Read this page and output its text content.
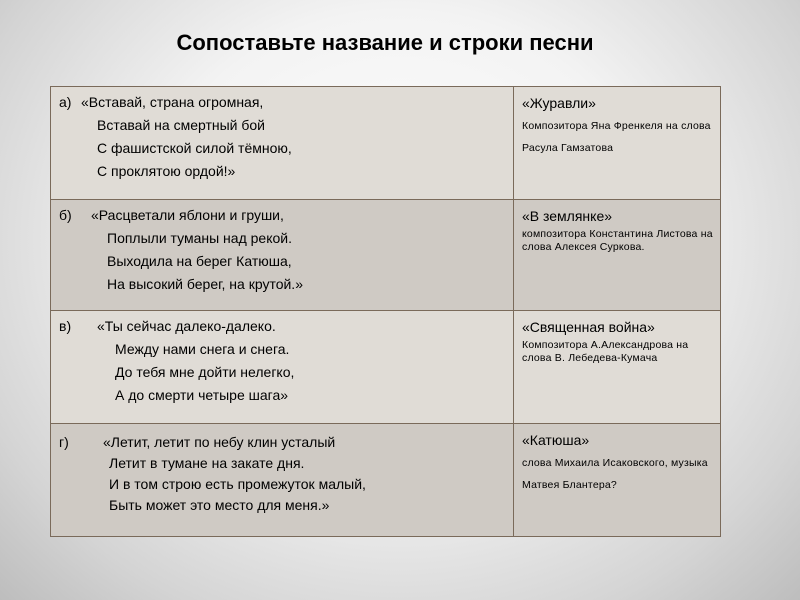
Сопоставьте название и строки песни
а) «Вставай, страна огромная,
Вставай на смертный бой
С фашистской силой тёмною,
С проклятою ордой!»	«Журавли»
Композитора Яна Френкеля на слова Расула Гамзатова

б) «Расцветали яблони и груши,
Поплыли туманы над рекой.
Выходила на берег Катюша,
На высокий берег, на крутой.»	«В землянке»
композитора Константина Листова на слова Алексея Суркова.

в) «Ты сейчас далеко-далеко.
Между нами снега и снега.
До тебя мне дойти нелегко,
А до смерти четыре шага»	«Священная война»
Композитора А.Александрова на слова В. Лебедева-Кумача

г) «Летит, летит по небу клин усталый
Летит в тумане на закате дня.
И в том строю есть промежуток малый,
Быть может это место для меня.»	«Катюша»
слова Михаила Исаковского, музыка Матвея Блантера?
